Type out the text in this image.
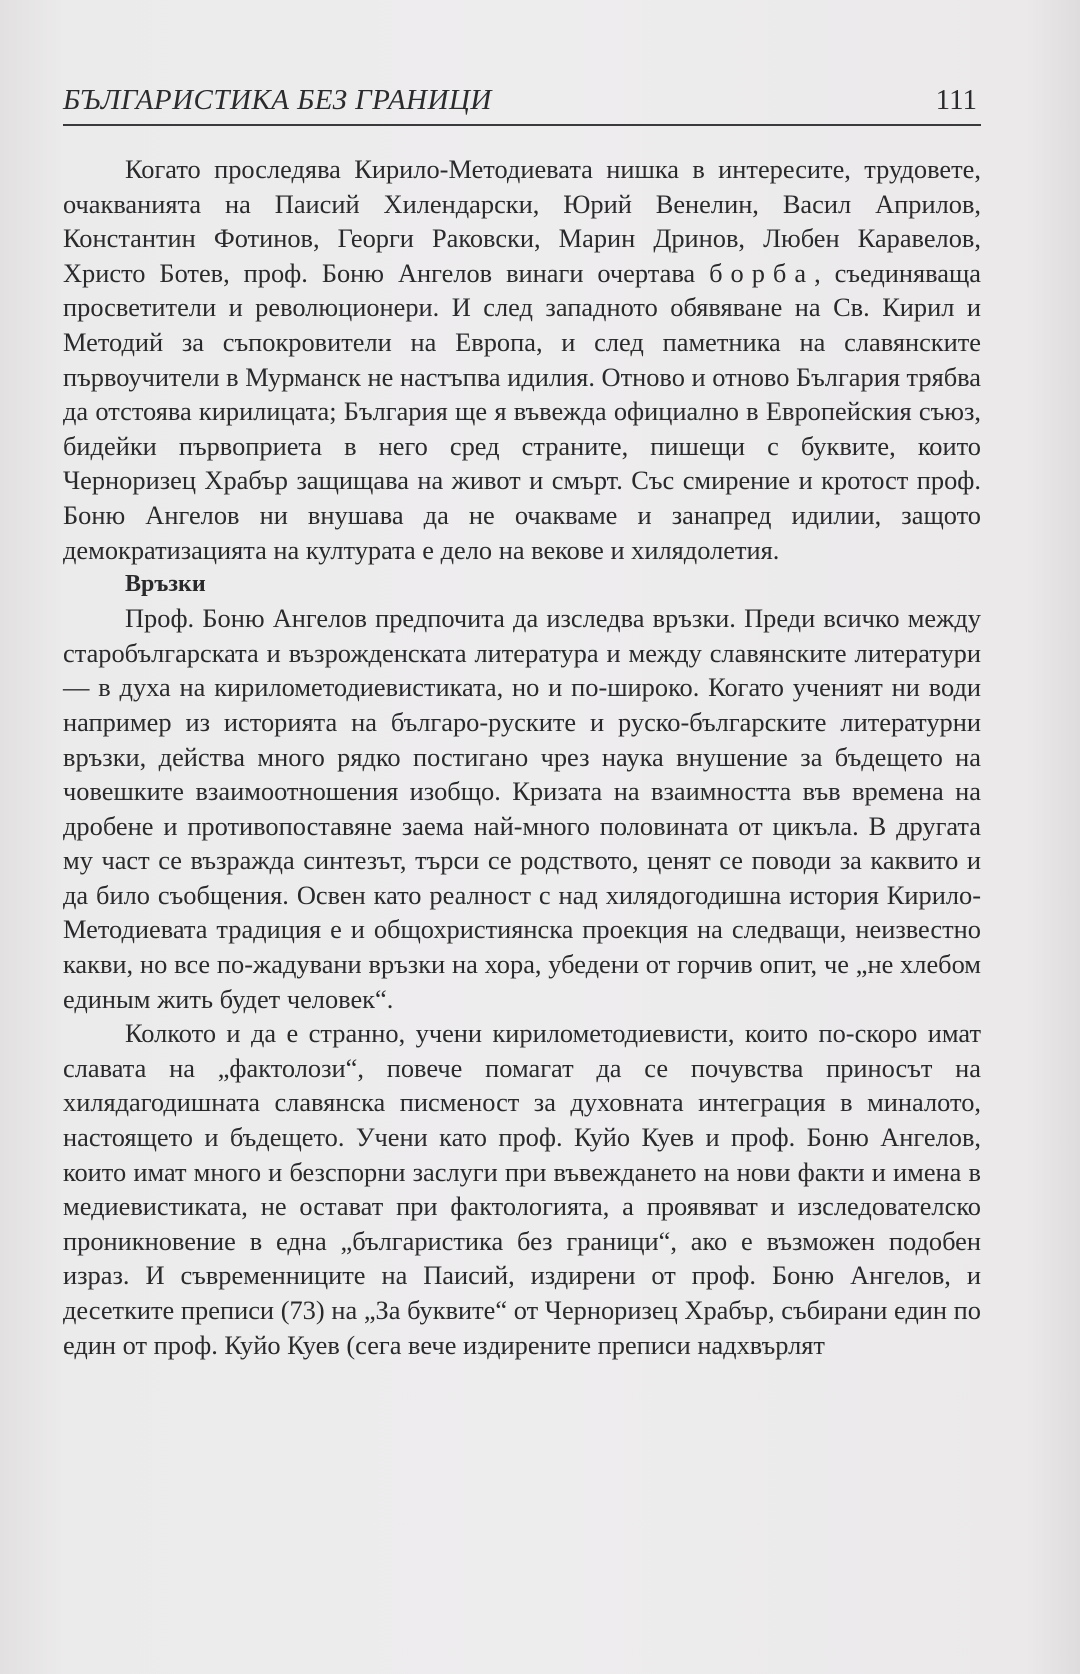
БЪЛГАРИСТИКА БЕЗ ГРАНИЦИ	111

Когато проследява Кирило-Методиевата нишка в интересите, трудовете, очакванията на Паисий Хилендарски, Юрий Венелин, Васил Априлов, Константин Фотинов, Георги Раковски, Марин Дринов, Любен Каравелов, Христо Ботев, проф. Боню Ангелов винаги очертава борба, съединяваща просветители и революционери. И след западното обявяване на Св. Кирил и Методий за съпокровители на Европа, и след паметника на славянските първоучители в Мурманск не настъпва идилия. Отново и отново България трябва да отстоява кирилицата; България ще я въвежда официално в Европейския съюз, бидейки първоприета в него сред страните, пишещи с буквите, които Черноризец Храбър защищава на живот и смърт. Със смирение и кротост проф. Боню Ангелов ни внушава да не очакваме и занапред идилии, защото демократизацията на културата е дело на векове и хилядолетия.

Връзки

Проф. Боню Ангелов предпочита да изследва връзки. Преди всичко между старобългарската и възрожденската литература и между славянските литератури — в духа на кирилометодиевистиката, но и по-широко. Когато ученият ни води например из историята на българо-руските и руско-българските литературни връзки, действа много рядко постигано чрез наука внушение за бъдещето на човешките взаимоотношения изобщо. Кризата на взаимността във времена на дробене и противопоставяне заема най-много половината от цикъла. В другата му част се възражда синтезът, търси се родството, ценят се поводи за каквито и да било съобщения. Освен като реалност с над хилядогодишна история Кирило-Методиевата традиция е и общохристиянска проекция на следващи, неизвестно какви, но все по-жадувани връзки на хора, убедени от горчив опит, че „не хлебом единым жить будет человек“.

Колкото и да е странно, учени кирилометодиевисти, които по-скоро имат славата на „фактолози“, повече помагат да се почувства приносът на хилядагодишната славянска писменост за духовната интеграция в миналото, настоящето и бъдещето. Учени като проф. Куйо Куев и проф. Боню Ангелов, които имат много и безспорни заслуги при въвеждането на нови факти и имена в медиевистиката, не остават при фактологията, а проявяват и изследователско проникновение в една „българистика без граници“, ако е възможен подобен израз. И съвременниците на Паисий, издирени от проф. Боню Ангелов, и десетките преписи (73) на „За буквите“ от Черноризец Храбър, събирани един по един от проф. Куйо Куев (сега вече издирените преписи надхвърлят
